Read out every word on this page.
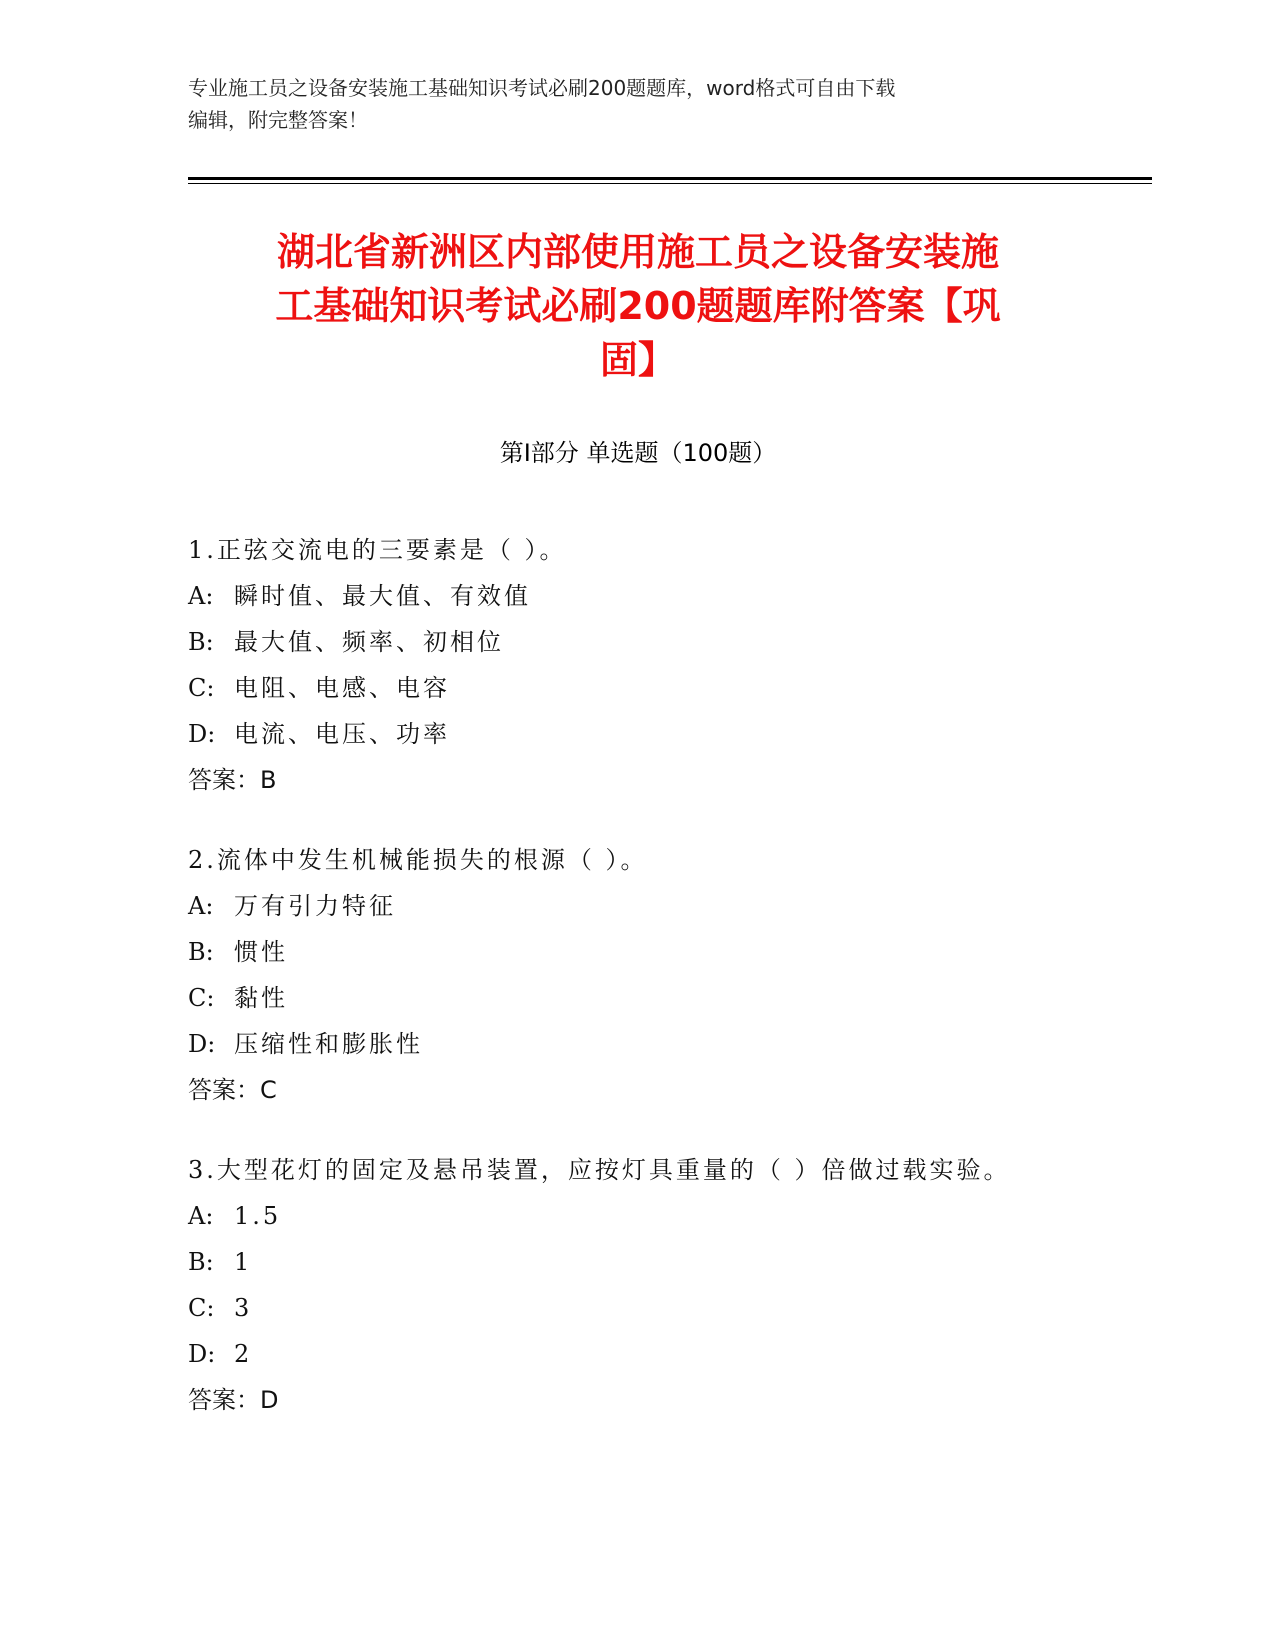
专业施工员之设备安装施工基础知识考试必刷200题题库，word格式可自由下载
编辑，附完整答案！
湖北省新洲区内部使用施工员之设备安装施
工基础知识考试必刷200题题库附答案【巩
固】
第I部分 单选题（100题）
1.正弦交流电的三要素是（ ）。
A: 瞬时值、最大值、有效值
B: 最大值、频率、初相位
C: 电阻、电感、电容
D: 电流、电压、功率
答案：B
2.流体中发生机械能损失的根源（ ）。
A: 万有引力特征
B: 惯性
C: 黏性
D: 压缩性和膨胀性
答案：C
3.大型花灯的固定及悬吊装置，应按灯具重量的（ ）倍做过载实验。
A: 1.5
B: 1
C: 3
D: 2
答案：D
